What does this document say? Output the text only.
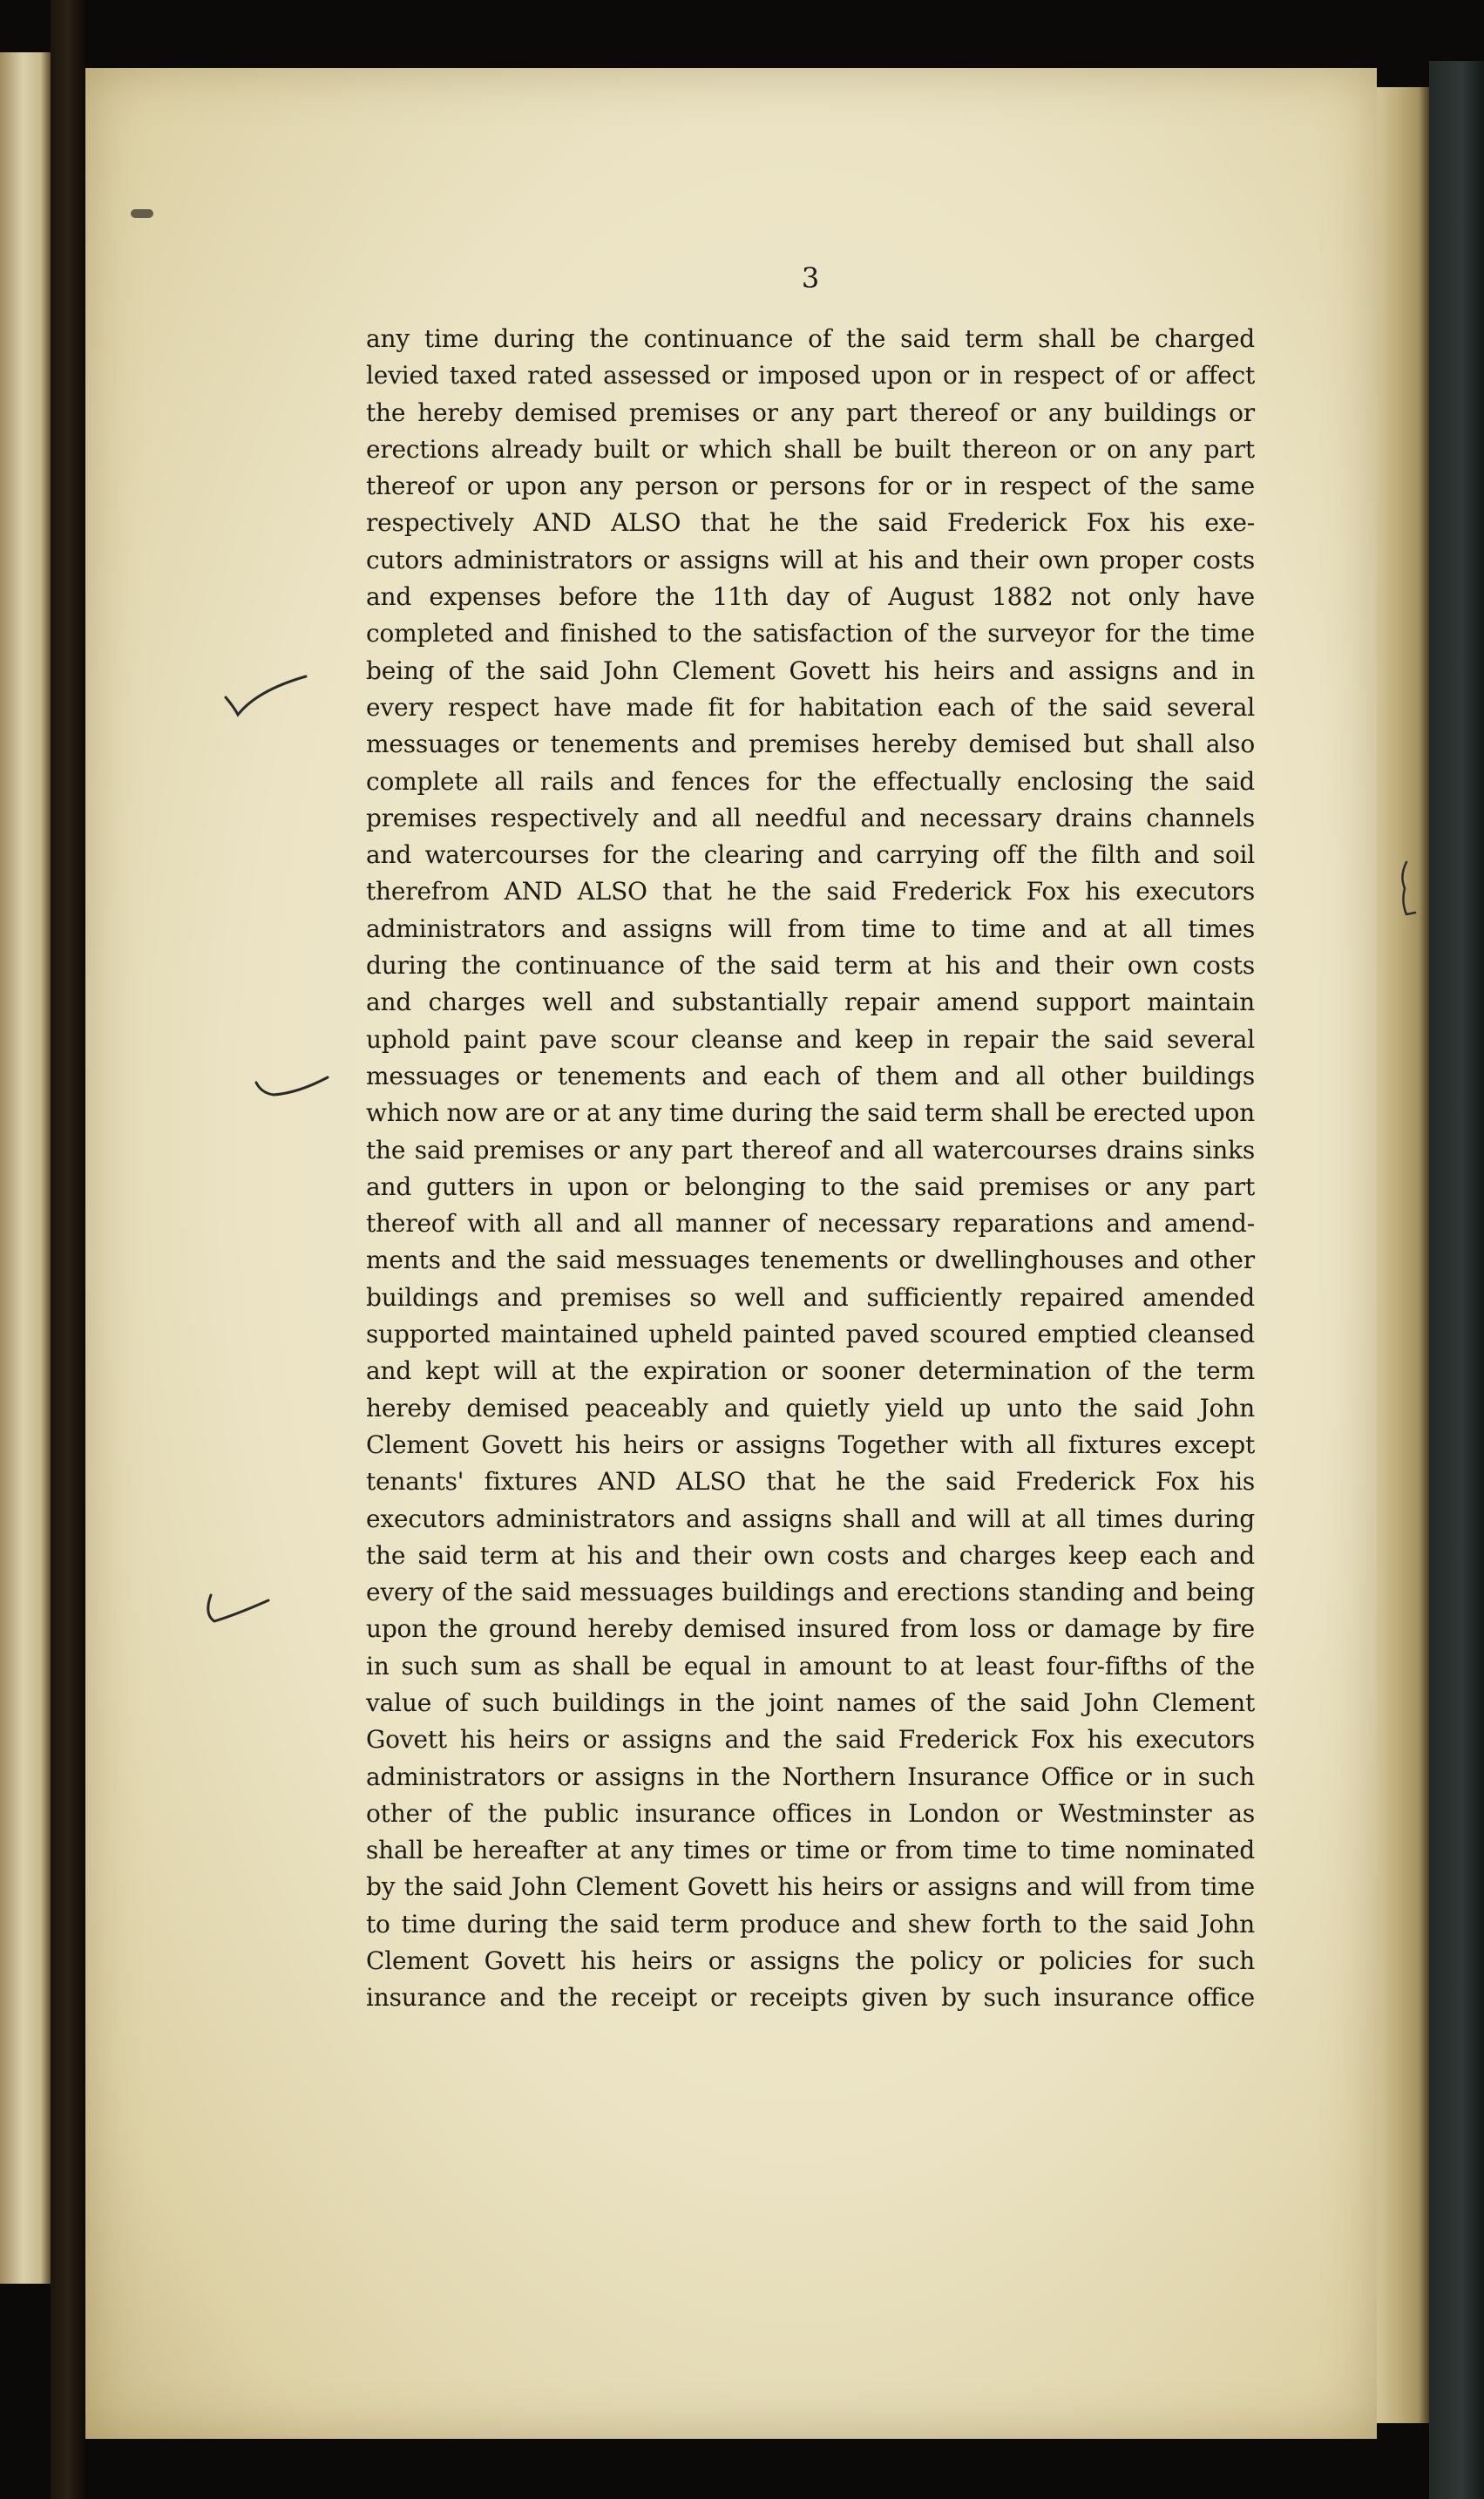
3
any time during the continuance of the said term shall be charged
levied taxed rated assessed or imposed upon or in respect of or affect
the hereby demised premises or any part thereof or any buildings or
erections already built or which shall be built thereon or on any part
thereof or upon any person or persons for or in respect of the same
respectively AND ALSO that he the said Frederick Fox his exe-
cutors administrators or assigns will at his and their own proper costs
and expenses before the 11th day of August 1882 not only have
completed and finished to the satisfaction of the surveyor for the time
being of the said John Clement Govett his heirs and assigns and in
every respect have made fit for habitation each of the said several
messuages or tenements and premises hereby demised but shall also
complete all rails and fences for the effectually enclosing the said
premises respectively and all needful and necessary drains channels
and watercourses for the clearing and carrying off the filth and soil
therefrom AND ALSO that he the said Frederick Fox his executors
administrators and assigns will from time to time and at all times
during the continuance of the said term at his and their own costs
and charges well and substantially repair amend support maintain
uphold paint pave scour cleanse and keep in repair the said several
messuages or tenements and each of them and all other buildings
which now are or at any time during the said term shall be erected upon
the said premises or any part thereof and all watercourses drains sinks
and gutters in upon or belonging to the said premises or any part
thereof with all and all manner of necessary reparations and amend-
ments and the said messuages tenements or dwellinghouses and other
buildings and premises so well and sufficiently repaired amended
supported maintained upheld painted paved scoured emptied cleansed
and kept will at the expiration or sooner determination of the term
hereby demised peaceably and quietly yield up unto the said John
Clement Govett his heirs or assigns Together with all fixtures except
tenants' fixtures AND ALSO that he the said Frederick Fox his
executors administrators and assigns shall and will at all times during
the said term at his and their own costs and charges keep each and
every of the said messuages buildings and erections standing and being
upon the ground hereby demised insured from loss or damage by fire
in such sum as shall be equal in amount to at least four-fifths of the
value of such buildings in the joint names of the said John Clement
Govett his heirs or assigns and the said Frederick Fox his executors
administrators or assigns in the Northern Insurance Office or in such
other of the public insurance offices in London or Westminster as
shall be hereafter at any times or time or from time to time nominated
by the said John Clement Govett his heirs or assigns and will from time
to time during the said term produce and shew forth to the said John
Clement Govett his heirs or assigns the policy or policies for such
insurance and the receipt or receipts given by such insurance office
